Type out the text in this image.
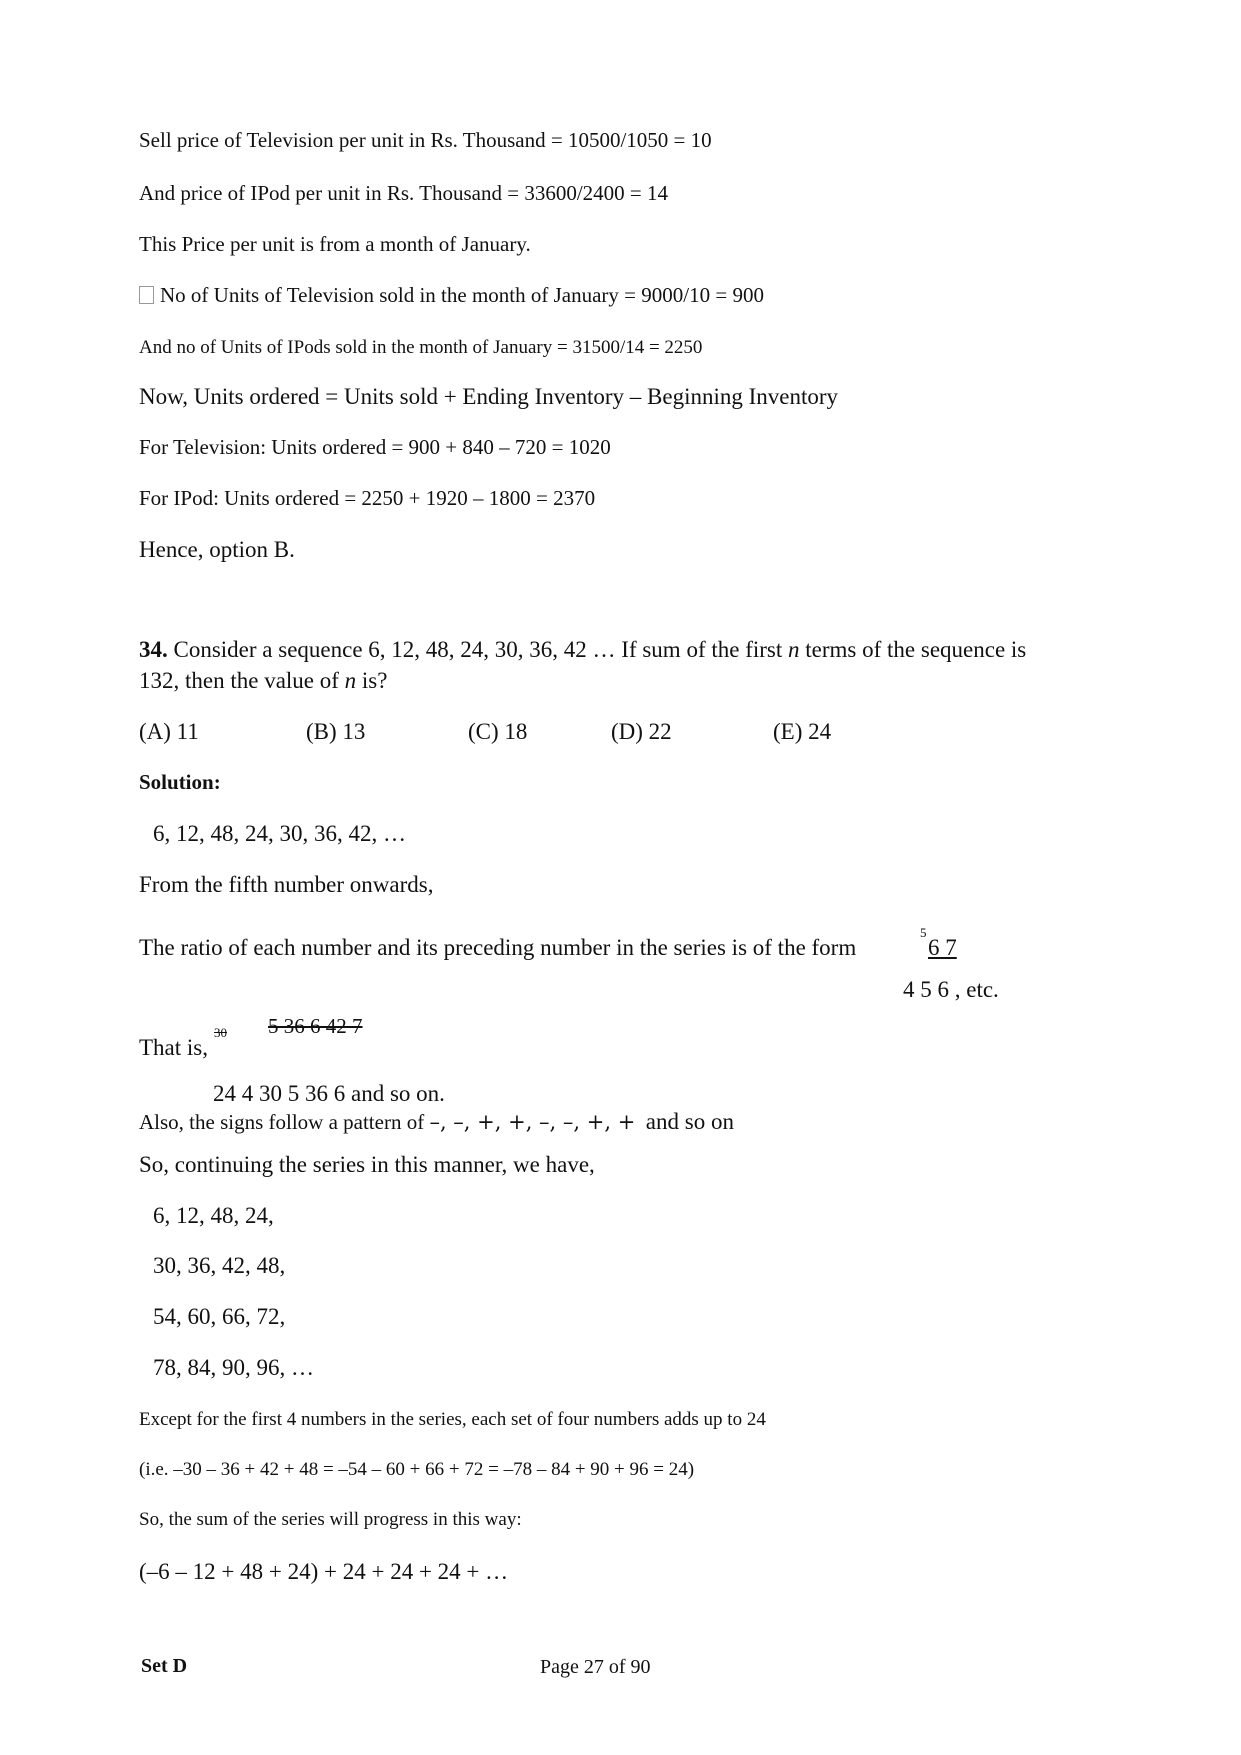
Sell price of Television per unit in Rs. Thousand = 10500/1050 = 10
And price of IPod per unit in Rs. Thousand = 33600/2400 = 14
This Price per unit is from a month of January.
No of Units of Television sold in the month of January = 9000/10 = 900
And no of Units of IPods sold in the month of January = 31500/14 = 2250
Now, Units ordered = Units sold + Ending Inventory – Beginning Inventory
For Television: Units ordered = 900 + 840 – 720 = 1020
For IPod: Units ordered = 2250 + 1920 – 1800 = 2370
Hence, option B.
34. Consider a sequence 6, 12, 48, 24, 30, 36, 42 … If sum of the first n terms of the sequence is
132, then the value of n is?
(A) 11	(B) 13	(C) 18	(D) 22	(E) 24
Solution:
6, 12, 48, 24, 30, 36, 42, …
From the fifth number onwards,
The ratio of each number and its preceding number in the series is of the form
5
6 7
4 5 6 , etc.
30 5 36 6 42 7
That is,
24 4 30 5 36 6 and so on.
Also, the signs follow a pattern of –, –, +, +, –, –, +, + and so on
So, continuing the series in this manner, we have,
6, 12, 48, 24,
30, 36, 42, 48,
54, 60, 66, 72,
78, 84, 90, 96, …
Except for the first 4 numbers in the series, each set of four numbers adds up to 24
(i.e. –30 – 36 + 42 + 48 = –54 – 60 + 66 + 72 = –78 – 84 + 90 + 96 = 24)
So, the sum of the series will progress in this way:
(–6 – 12 + 48 + 24) + 24 + 24 + 24 + …
Set D	Page 27 of 90
